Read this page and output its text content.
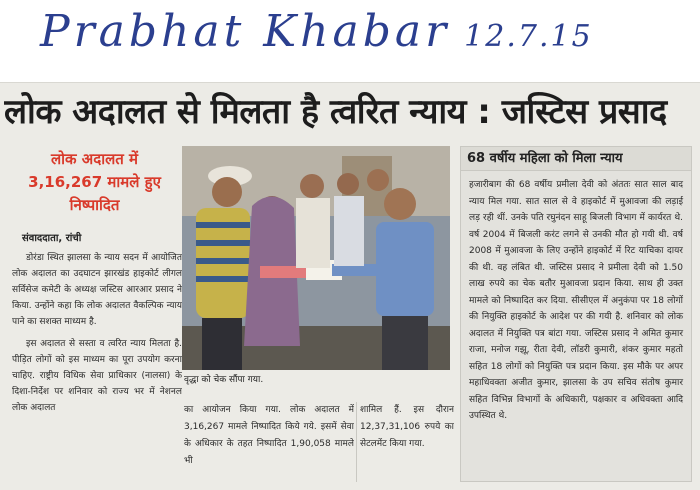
Prabhat Khabar 12.7.15
लोक अदालत से मिलता है त्वरित न्याय : जस्टिस प्रसाद
लोक अदालत में 3,16,267 मामले हुए निष्पादित
संवाददाता, रांची

डोरंडा स्थित झालसा के न्याय सदन में आयोजित लोक अदालत का उदघाटन झारखंड हाइकोर्ट लीगल सर्विसेज कमेटी के अध्यक्ष जस्टिस आरआर प्रसाद ने किया. उन्होंने कहा कि लोक अदालत वैकल्पिक न्याय पाने का सशक्त माध्यम है.

इस अदालत से सस्ता व त्वरित न्याय मिलता है. पीड़ित लोगों को इस माध्यम का पूरा उपयोग करना चाहिए. राष्ट्रीय विधिक सेवा प्राधिकार (नालसा) के दिशा-निर्देश पर शनिवार को राज्य भर में नेशनल लोक अदालत

वृद्धा को चेक सौंपा गया.
का आयोजन किया गया. लोक अदालत में 3,16,267 मामले निष्पादित किये गये. इसमें सेवा के अधिकार के तहत निष्पादित 1,90,058 मामले भी
शामिल हैं. इस दौरान 12,37,31,106 रुपये का सेटलमेंट किया गया.
68 वर्षीय महिला को मिला न्याय
हजारीबाग की 68 वर्षीय प्रमीला देवी को अंततः सात साल बाद न्याय मिल गया. सात साल से वे हाइकोर्ट में मुआवजा की लड़ाई लड़ रही थीं. उनके पति रघुनंदन साहू बिजली विभाग में कार्यरत थे. वर्ष 2004 में बिजली करंट लगने से उनकी मौत हो गयी थी. वर्ष 2008 में मुआवजा के लिए उन्होंने हाइकोर्ट में रिट याचिका दायर की थी. वह लंबित थी. जस्टिस प्रसाद ने प्रमीला देवी को 1.50 लाख रुपये का चेक बतौर मुआवजा प्रदान किया. साथ ही उक्त मामले को निष्पादित कर दिया. सीसीएल में अनुकंपा पर 18 लोगों की नियुक्ति हाइकोर्ट के आदेश पर की गयी है. शनिवार को लोक अदालत में नियुक्ति पत्र बांटा गया. जस्टिस प्रसाद ने अमित कुमार राजा, मनोज गझू, रीता देवी, लॉडरी कुमारी, शंकर कुमार महतो सहित 18 लोगों को नियुक्ति पत्र प्रदान किया. इस मौके पर अपर महाधिवक्ता अजीत कुमार, झालसा के उप सचिव संतोष कुमार सहित विभिन्न विभागों के अधिकारी, पक्षकार व अधिवक्ता आदि उपस्थित थे.
